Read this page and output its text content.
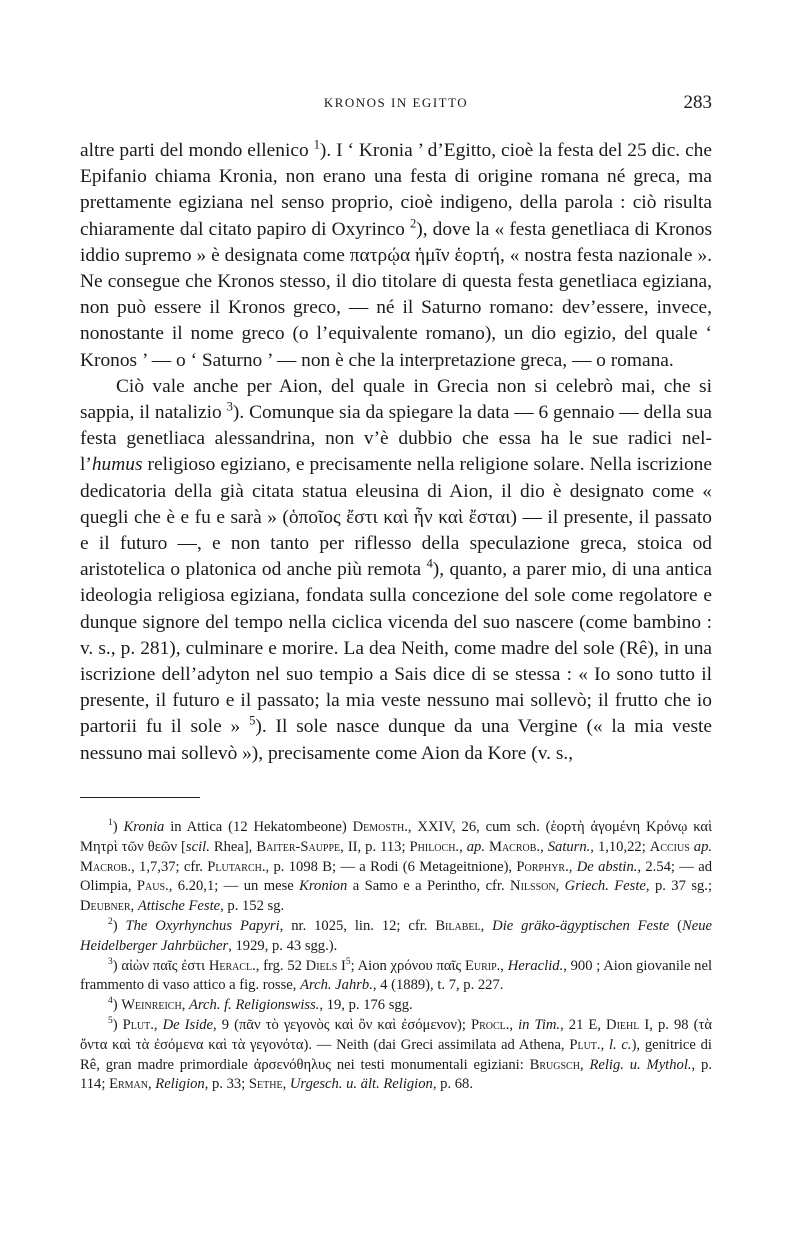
KRONOS IN EGITTO	283

altre parti del mondo ellenico $^1$). I ‘ Kronia ’ d’Egitto, cioè la festa del 25 dic. che Epifanio chiama Kronia, non erano una festa di origine romana né greca, ma prettamente egiziana nel senso proprio, cioè indigeno, della parola : ciò risulta chiaramente dal citato papiro di Oxyrinco $^2$), dove la « festa genetliaca di Kronos iddio supremo » è designata come πατρῴα ἡμῖν ἑορτή, « nostra festa nazionale ». Ne consegue che Kronos stesso, il dio titolare di questa festa genetliaca egiziana, non può essere il Kronos greco, — né il Saturno romano: dev’essere, invece, nonostante il nome greco (o l’equivalente romano), un dio egizio, del quale ‘ Kronos ’ — o ‘ Saturno ’ — non è che la interpretazione greca, — o romana.

Ciò vale anche per Aion, del quale in Grecia non si celebrò mai, che si sappia, il natalizio $^3$). Comunque sia da spiegare la data — 6 gennaio — della sua festa genetliaca alessandrina, non v’è dubbio che essa ha le sue radici nel-l’humus religioso egiziano, e precisamente nella religione solare. Nella iscrizione dedicatoria della già citata statua eleusina di Aion, il dio è designato come « quegli che è e fu e sarà » (ὁποῖος ἔστι καὶ ἦν καὶ ἔσται) — il presente, il passato e il futuro —, e non tanto per riflesso della speculazione greca, stoica od aristotelica o platonica od anche più remota $^4$), quanto, a parer mio, di una antica ideologia religiosa egiziana, fondata sulla concezione del sole come regolatore e dunque signore del tempo nella ciclica vicenda del suo nascere (come bambino : v. s., p. 281), culminare e morire. La dea Neith, come madre del sole (Rê), in una iscrizione dell’adyton nel suo tempio a Sais dice di se stessa : « Io sono tutto il presente, il futuro e il passato; la mia veste nessuno mai sollevò; il frutto che io partorii fu il sole » $^5$). Il sole nasce dunque da una Vergine (« la mia veste nessuno mai sollevò »), precisamente come Aion da Kore (v. s.,

$^1$) Kronia in Attica (12 Hekatombeone) Demosth., XXIV, 26, cum sch. (ἑορτὴ ἀγομένη Κρόνῳ καὶ Μητρὶ τῶν θεῶν [scil. Rhea], Baiter-Sauppe, II, p. 113; Philoch., ap. Macrob., Saturn., 1,10,22; Accius ap. Macrob., 1,7,37; cfr. Plutarch., p. 1098 B; — a Rodi (6 Metageitnione), Porphyr., De abstin., 2.54; — ad Olimpia, Paus., 6.20,1; — un mese Kronion a Samo e a Perintho, cfr. Nilsson, Griech. Feste, p. 37 sg.; Deubner, Attische Feste, p. 152 sg.

$^2$) The Oxyrhynchus Papyri, nr. 1025, lin. 12; cfr. Bilabel, Die gräko-ägyptischen Feste (Neue Heidelberger Jahrbücher, 1929, p. 43 sgg.).

$^3$) αἰὼν παῖς ἐστι Heracl., frg. 52 Diels $I^5$; Aion χρόνου παῖς Eurip., Heraclid., 900 ; Aion giovanile nel frammento di vaso attico a fig. rosse, Arch. Jahrb., 4 (1889), t. 7, p. 227.

$^4$) Weinreich, Arch. f. Religionswiss., 19, p. 176 sgg.

$^5$) Plut., De Iside, 9 (πᾶν τὸ γεγονὸς καὶ ὂν καὶ ἐσόμενον); Procl., in Tim., 21 E, Diehl I, p. 98 (τὰ ὄντα καὶ τὰ ἐσόμενα καὶ τὰ γεγονότα). — Neith (dai Greci assimilata ad Athena, Plut., l. c.), genitrice di Rê, gran madre primordiale ἀρσενόθηλυς nei testi monumentali egiziani: Brugsch, Relig. u. Mythol., p. 114; Erman, Religion, p. 33; Sethe, Urgesch. u. ält. Religion, p. 68.
